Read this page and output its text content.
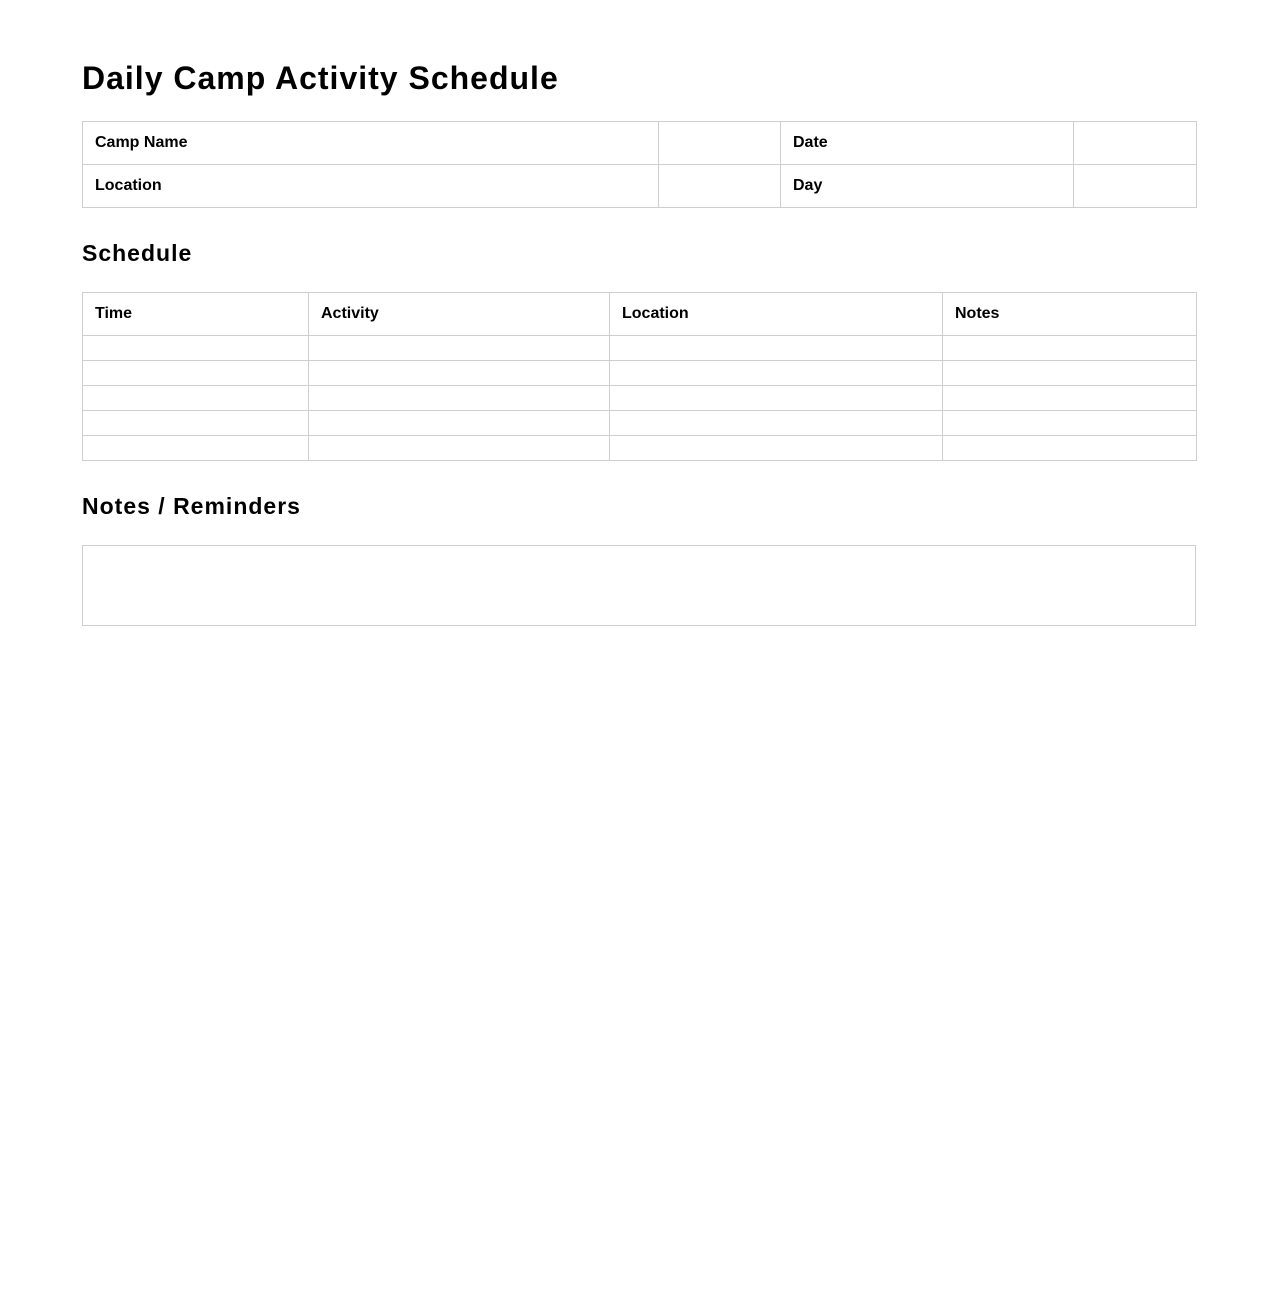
Daily Camp Activity Schedule
Camp Name		Date	
Location		Day	
Schedule
Time	Activity	Location	Notes

Notes / Reminders
